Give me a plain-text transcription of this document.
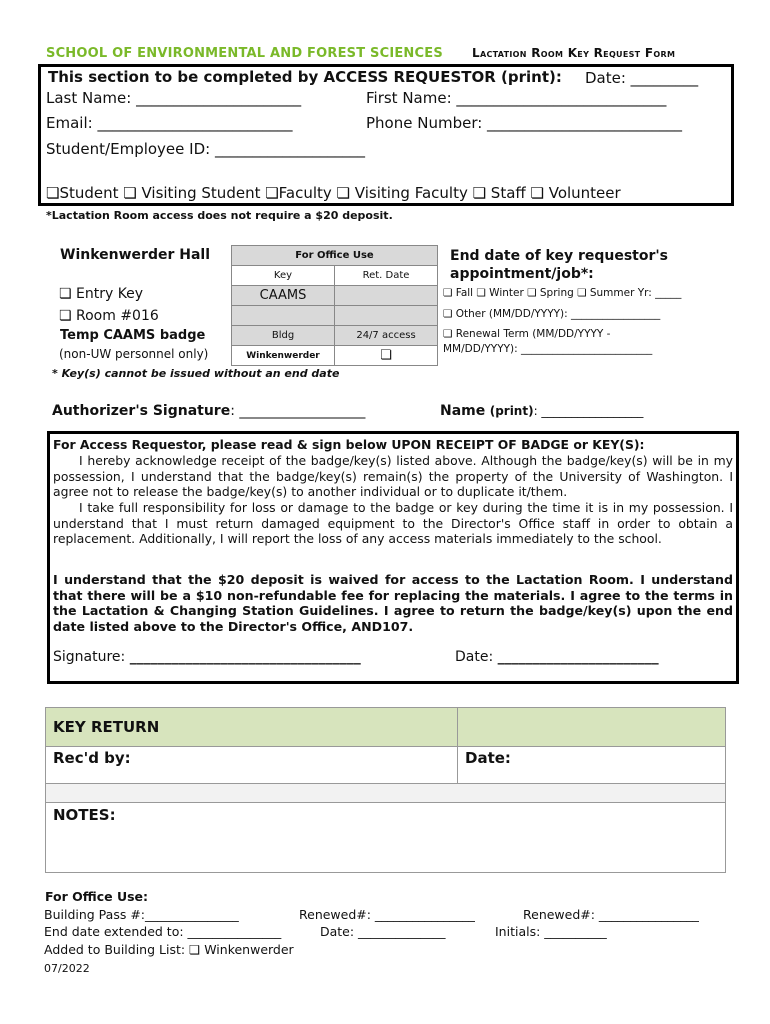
SCHOOL OF ENVIRONMENTAL AND FOREST SCIENCES Lactation Room Key Request Form
This section to be completed by ACCESS REQUESTOR (print): Date: _________
Last Name: ______________________	First Name: ____________________________
Email: __________________________	Phone Number: __________________________
Student/Employee ID: ____________________
❏Student ❏ Visiting Student ❏Faculty ❏ Visiting Faculty ❏ Staff ❏ Volunteer
*Lactation Room access does not require a $20 deposit.
Winkenwerder Hall
❏ Entry Key
❏ Room #016
Temp CAAMS badge
(non-UW personnel only)
* Key(s) cannot be issued without an end date
For Office Use	
Key	Ret. Date
CAAMS	

Bldg	24/7 access
Winkenwerder	❏
End date of key requestor's
appointment/job*:
❏ Fall ❏ Winter ❏ Spring ❏ Summer Yr: _____
❏ Other (MM/DD/YYYY): _________________
❏ Renewal Term (MM/DD/YYYY -
MM/DD/YYYY): _________________________
Authorizer's Signature: __________________	Name (print): _________________
For Access Requestor, please read & sign below UPON RECEIPT OF BADGE or KEY(S):
I hereby acknowledge receipt of the badge/key(s) listed above. Although the badge/key(s) will be in my possession, I understand that the badge/key(s) remain(s) the property of the University of Washington. I agree not to release the badge/key(s) to another individual or to duplicate it/them.
I take full responsibility for loss or damage to the badge or key during the time it is in my possession. I understand that I must return damaged equipment to the Director's Office staff in order to obtain a replacement. Additionally, I will report the loss of any access materials immediately to the school.
I understand that the $20 deposit is waived for access to the Lactation Room. I understand that there will be a $10 non-refundable fee for replacing the materials. I agree to the terms in the Lactation & Changing Station Guidelines. I agree to return the badge/key(s) upon the end date listed above to the Director's Office, AND107.
Signature: _________________________________	Date: _______________________
KEY RETURN	
Rec'd by:	Date:

NOTES:	
For Office Use:
Building Pass #:_______________	Renewed#: ________________	Renewed#: ________________
End date extended to: _______________	Date: ______________	Initials: __________
Added to Building List: ❏ Winkenwerder
07/2022
